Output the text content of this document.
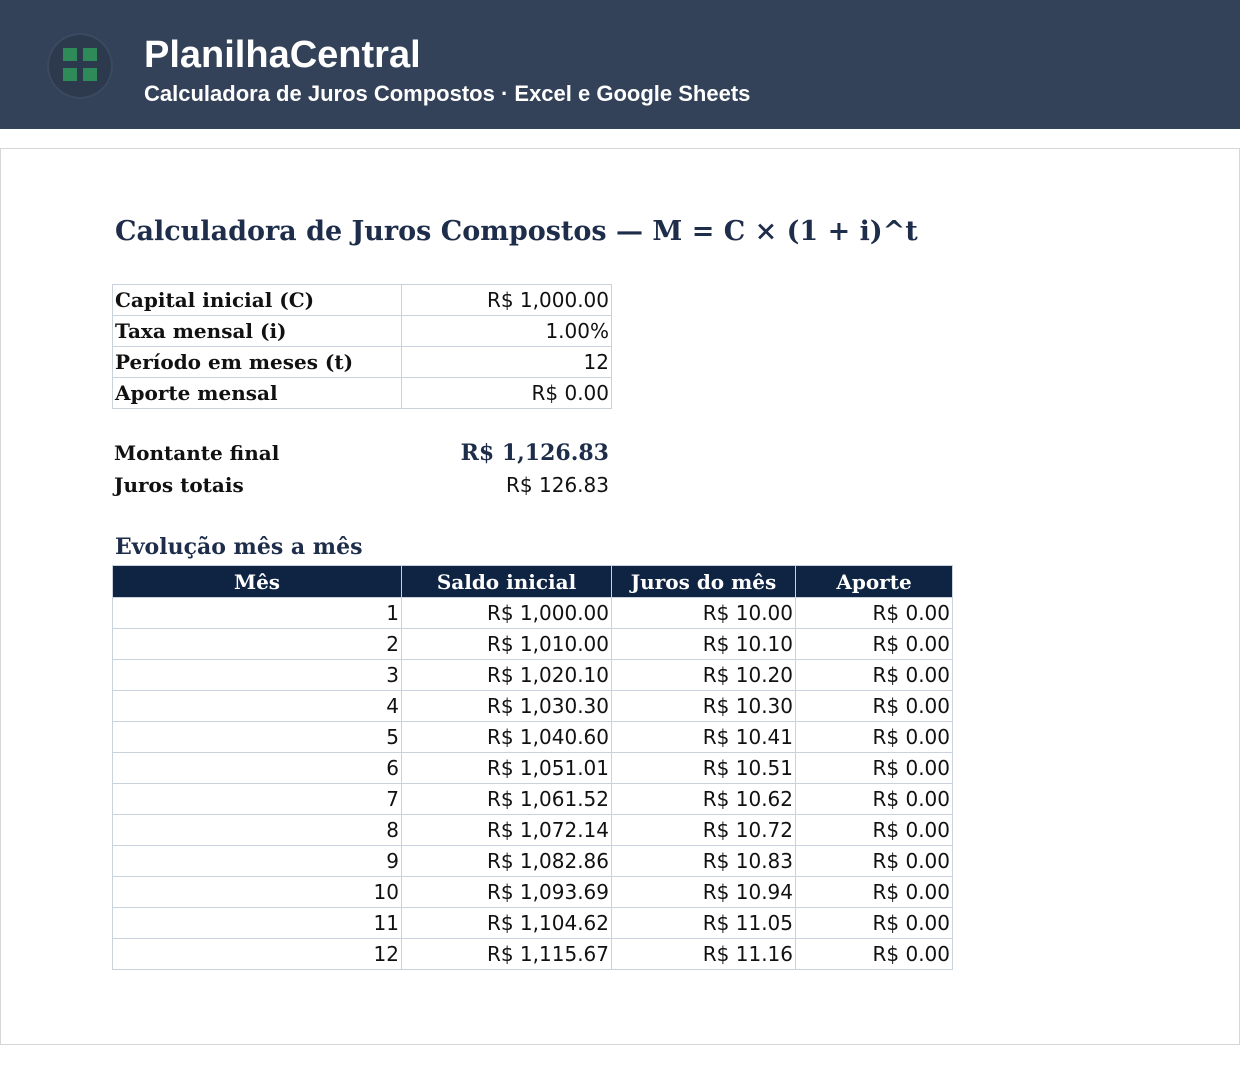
PlanilhaCentral
Calculadora de Juros Compostos · Excel e Google Sheets
Calculadora de Juros Compostos — M = C × (1 + i)^t
Capital inicial (C)	R$ 1,000.00
Taxa mensal (i)	1.00%
Período em meses (t)	12
Aporte mensal	R$ 0.00
Montante final	R$ 1,126.83
Juros totais	R$ 126.83
Evolução mês a mês
Mês	Saldo inicial	Juros do mês	Aporte
1	R$ 1,000.00	R$ 10.00	R$ 0.00
2	R$ 1,010.00	R$ 10.10	R$ 0.00
3	R$ 1,020.10	R$ 10.20	R$ 0.00
4	R$ 1,030.30	R$ 10.30	R$ 0.00
5	R$ 1,040.60	R$ 10.41	R$ 0.00
6	R$ 1,051.01	R$ 10.51	R$ 0.00
7	R$ 1,061.52	R$ 10.62	R$ 0.00
8	R$ 1,072.14	R$ 10.72	R$ 0.00
9	R$ 1,082.86	R$ 10.83	R$ 0.00
10	R$ 1,093.69	R$ 10.94	R$ 0.00
11	R$ 1,104.62	R$ 11.05	R$ 0.00
12	R$ 1,115.67	R$ 11.16	R$ 0.00
